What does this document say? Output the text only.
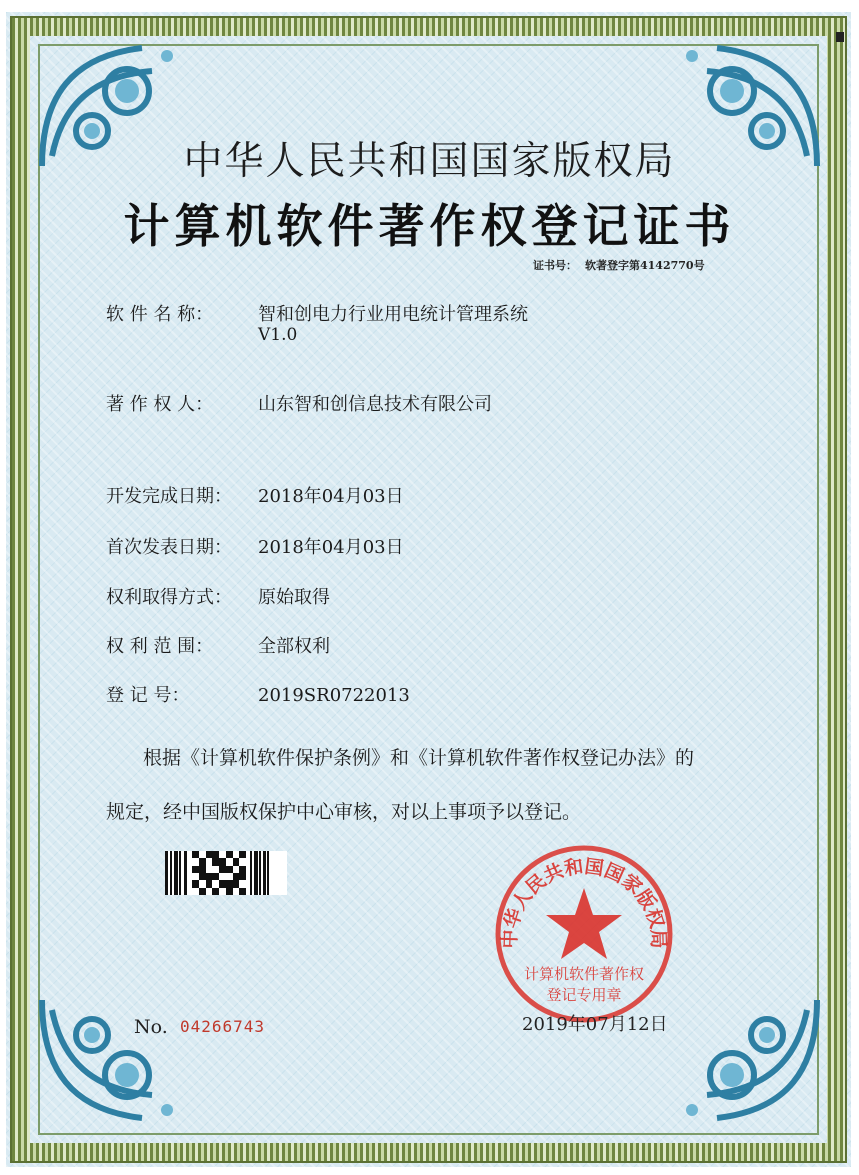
中华人民共和国国家版权局
计算机软件著作权登记证书
证书号： 软著登字第4142770号
软 件 名 称： 智和创电力行业用电统计管理系统
V1.0
著 作 权 人： 山东智和创信息技术有限公司
开发完成日期： 2018年04月03日
首次发表日期： 2018年04月03日
权利取得方式： 原始取得
权 利 范 围： 全部权利
登 记 号：	2019SR0722013
根据《计算机软件保护条例》和《计算机软件著作权登记办法》的
规定，经中国版权保护中心审核，对以上事项予以登记。
中华人民共和国国家版权局
计算机软件著作权
登记专用章
No. 04266743	2019年07月12日
